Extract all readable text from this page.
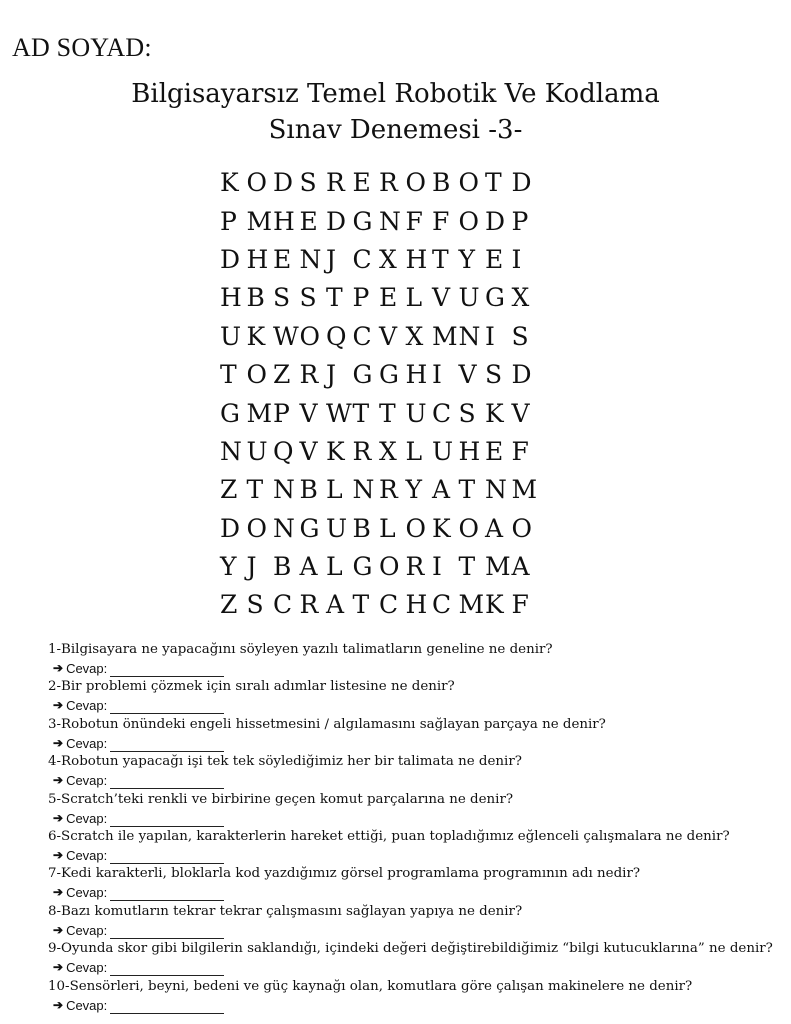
AD SOYAD:
Bilgisayarsız Temel Robotik Ve Kodlama
Sınav Denemesi -3-
K O D S R E R O B O T D
P M H E D G N F F O D P
D H E N J C X H T Y E I
H B S S T P E L V U G X
U K W O Q C V X M N I S
T O Z R J G G H I V S D
G M P V W T T U C S K V
N U Q V K R X L U H E F
Z T N B L N R Y A T N M
D O N G U B L O K O A O
Y J B A L G O R I T M A
Z S C R A T C H C M K F
1-Bilgisayara ne yapacağını söyleyen yazılı talimatların geneline ne denir?
➔ Cevap:
2-Bir problemi çözmek için sıralı adımlar listesine ne denir?
➔ Cevap:
3-Robotun önündeki engeli hissetmesini / algılamasını sağlayan parçaya ne denir?
➔ Cevap:
4-Robotun yapacağı işi tek tek söylediğimiz her bir talimata ne denir?
➔ Cevap:
5-Scratch’teki renkli ve birbirine geçen komut parçalarına ne denir?
➔ Cevap:
6-Scratch ile yapılan, karakterlerin hareket ettiği, puan topladığımız eğlenceli çalışmalara ne denir?
➔ Cevap:
7-Kedi karakterli, bloklarla kod yazdığımız görsel programlama programının adı nedir?
➔ Cevap:
8-Bazı komutların tekrar tekrar çalışmasını sağlayan yapıya ne denir?
➔ Cevap:
9-Oyunda skor gibi bilgilerin saklandığı, içindeki değeri değiştirebildiğimiz “bilgi kutucuklarına” ne denir?
➔ Cevap:
10-Sensörleri, beyni, bedeni ve güç kaynağı olan, komutlara göre çalışan makinelere ne denir?
➔ Cevap:
